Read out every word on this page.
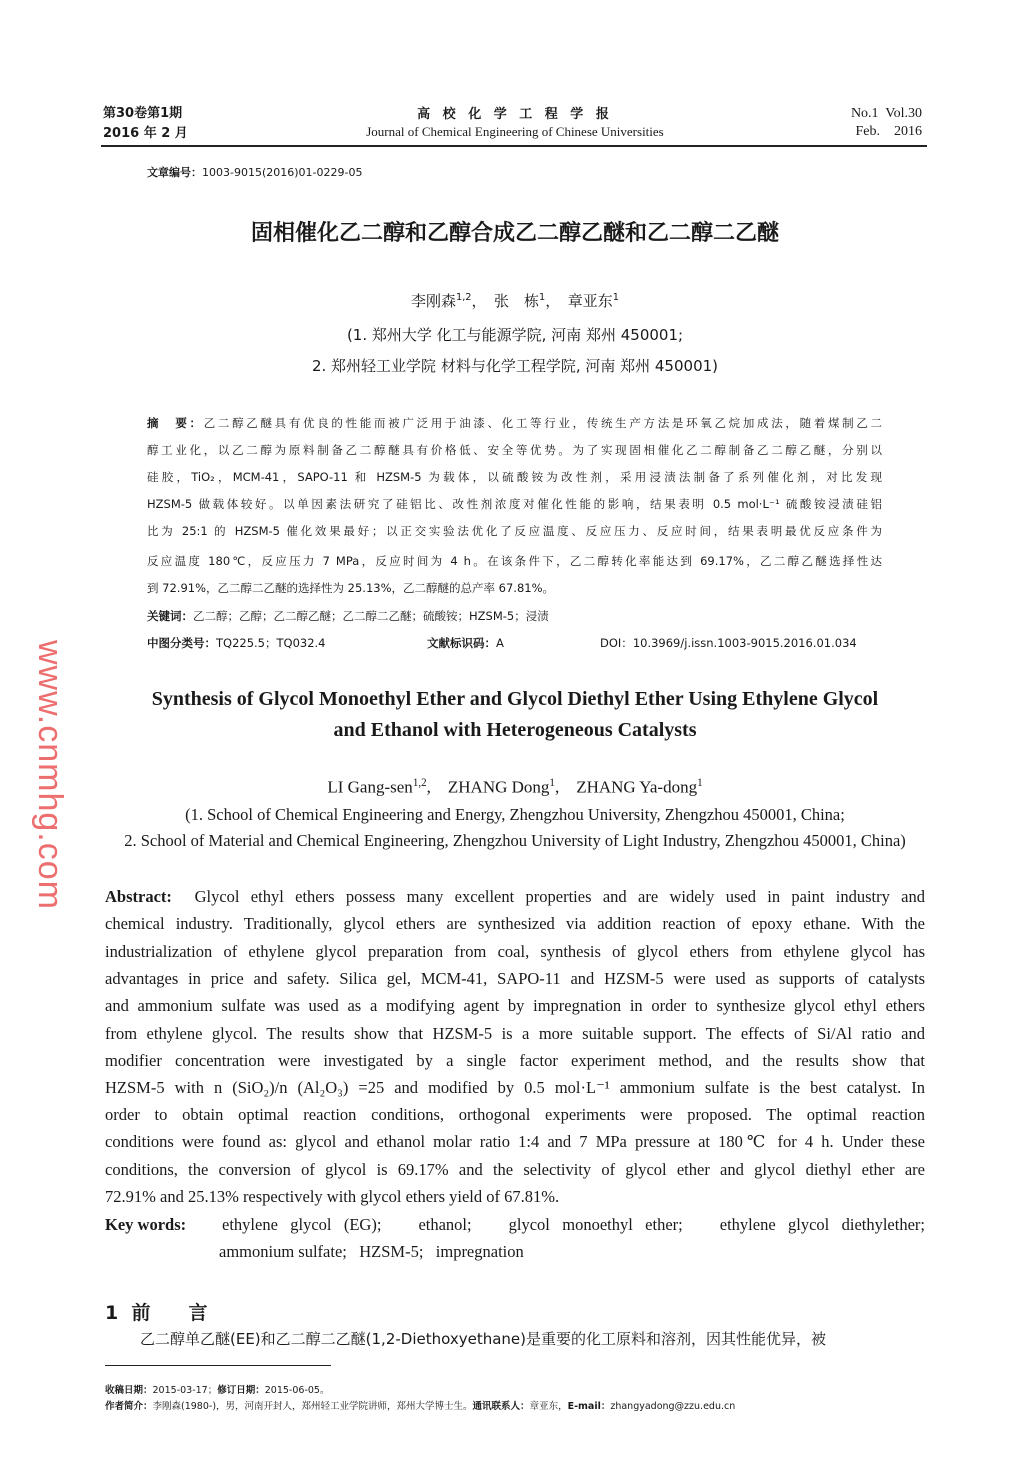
第30卷第1期
2016 年 2 月
高 校 化 学 工 程 学 报
Journal of Chemical Engineering of Chinese Universities
No.1  Vol.30
Feb.    2016
文章编号：1003-9015(2016)01-0229-05
固相催化乙二醇和乙醇合成乙二醇乙醚和乙二醇二乙醚
李刚森$^{1,2}$，　张　栋$^1$，　章亚东$^1$
(1. 郑州大学 化工与能源学院, 河南 郑州 450001;
2. 郑州轻工业学院 材料与化学工程学院, 河南 郑州 450001)
摘　要：乙二醇乙醚具有优良的性能而被广泛用于油漆、化工等行业，传统生产方法是环氧乙烷加成法，随着煤制乙二
醇工业化，以乙二醇为原料制备乙二醇醚具有价格低、安全等优势。为了实现固相催化乙二醇制备乙二醇乙醚，分别以
硅胶，TiO₂，MCM-41，SAPO-11 和 HZSM-5 为载体，以硫酸铵为改性剂，采用浸渍法制备了系列催化剂，对比发现
HZSM-5 做载体较好。以单因素法研究了硅铝比、改性剂浓度对催化性能的影响，结果表明 0.5 mol·L⁻¹ 硫酸铵浸渍硅铝
比为 25:1 的 HZSM-5 催化效果最好；以正交实验法优化了反应温度、反应压力、反应时间，结果表明最优反应条件为
反应温度 180℃，反应压力 7 MPa，反应时间为 4 h。在该条件下，乙二醇转化率能达到 69.17%，乙二醇乙醚选择性达
到 72.91%，乙二醇二乙醚的选择性为 25.13%，乙二醇醚的总产率 67.81%。
关键词：乙二醇；乙醇；乙二醇乙醚；乙二醇二乙醚；硫酸铵；HZSM-5；浸渍
中图分类号：TQ225.5；TQ032.4	文献标识码：A	DOI：10.3969/j.issn.1003-9015.2016.01.034
Synthesis of Glycol Monoethyl Ether and Glycol Diethyl Ether Using Ethylene Glycol
and Ethanol with Heterogeneous Catalysts
LI Gang-sen$^{1,2}$,    ZHANG Dong$^1$,    ZHANG Ya-dong$^1$
(1. School of Chemical Engineering and Energy, Zhengzhou University, Zhengzhou 450001, China;
2. School of Material and Chemical Engineering, Zhengzhou University of Light Industry, Zhengzhou 450001, China)
Abstract: Glycol ethyl ethers possess many excellent properties and are widely used in paint industry and
chemical industry. Traditionally, glycol ethers are synthesized via addition reaction of epoxy ethane. With the
industrialization of ethylene glycol preparation from coal, synthesis of glycol ethers from ethylene glycol has
advantages in price and safety. Silica gel, MCM-41, SAPO-11 and HZSM-5 were used as supports of catalysts
and ammonium sulfate was used as a modifying agent by impregnation in order to synthesize glycol ethyl ethers
from ethylene glycol. The results show that HZSM-5 is a more suitable support. The effects of Si/Al ratio and
modifier concentration were investigated by a single factor experiment method, and the results show that
HZSM-5 with n (SiO₂)/n (Al₂O₃) =25 and modified by 0.5 mol·L⁻¹ ammonium sulfate is the best catalyst. In
order to obtain optimal reaction conditions, orthogonal experiments were proposed. The optimal reaction
conditions were found as: glycol and ethanol molar ratio 1:4 and 7 MPa pressure at 180℃ for 4 h. Under these
conditions, the conversion of glycol is 69.17% and the selectivity of glycol ether and glycol diethyl ether are
72.91% and 25.13% respectively with glycol ethers yield of 67.81%.
Key words: ethylene glycol (EG);   ethanol;   glycol monoethyl ether;   ethylene glycol diethylether;
ammonium sulfate;   HZSM-5;   impregnation
1 前　　言
乙二醇单乙醚(EE)和乙二醇二乙醚(1,2-Diethoxyethane)是重要的化工原料和溶剂，因其性能优异，被
收稿日期：2015-03-17；修订日期：2015-06-05。
作者简介：李刚森(1980-)，男，河南开封人，郑州轻工业学院讲师，郑州大学博士生。通讯联系人：章亚东，E-mail：zhangyadong@zzu.edu.cn
www.cnmhg.com
